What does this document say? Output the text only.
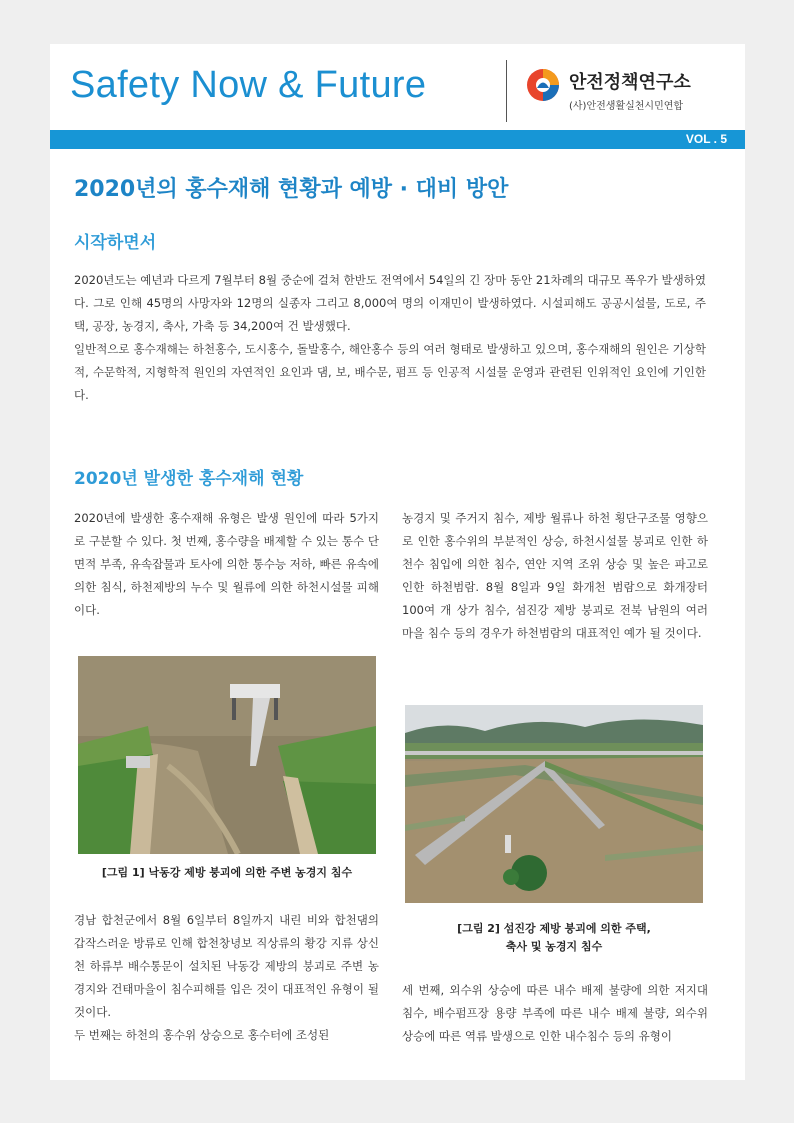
Safety Now & Future	안전정책연구소
(사)안전생활실천시민연합
VOL . 5
2020년의 홍수재해 현황과 예방 · 대비 방안
시작하면서

2020년도는 예년과 다르게 7월부터 8월 중순에 걸쳐 한반도 전역에서 54일의 긴 장마 동안 21차례의 대규모 폭우가 발생하였다. 그로 인해 45명의 사망자와 12명의 실종자 그리고 8,000여 명의 이재민이 발생하였다. 시설피해도 공공시설물, 도로, 주택, 공장, 농경지, 축사, 가축 등 34,200여 건 발생했다.

일반적으로 홍수재해는 하천홍수, 도시홍수, 돌발홍수, 해안홍수 등의 여러 형태로 발생하고 있으며, 홍수재해의 원인은 기상학적, 수문학적, 지형학적 원인의 자연적인 요인과 댐, 보, 배수문, 펌프 등 인공적 시설물 운영과 관련된 인위적인 요인에 기인한다.

2020년 발생한 홍수재해 현황

2020년에 발생한 홍수재해 유형은 발생 원인에 따라 5가지로 구분할 수 있다. 첫 번째, 홍수량을 배제할 수 있는 통수 단면적 부족, 유속잡물과 토사에 의한 통수능 저하, 빠른 유속에 의한 침식, 하천제방의 누수 및 월류에 의한 하천시설물 피해이다.

[그림 1] 낙동강 제방 붕괴에 의한 주변 농경지 침수

경남 합천군에서 8월 6일부터 8일까지 내린 비와 합천댐의 갑작스러운 방류로 인해 합천창녕보 직상류의 황강 지류 상신천 하류부 배수통문이 설치된 낙동강 제방의 붕괴로 주변 농경지와 건태마을이 침수피해를 입은 것이 대표적인 유형이 될 것이다.

두 번째는 하천의 홍수위 상승으로 홍수터에 조성된

농경지 및 주거지 침수, 제방 월류나 하천 횡단구조물 영향으로 인한 홍수위의 부분적인 상승, 하천시설물 붕괴로 인한 하천수 침입에 의한 침수, 연안 지역 조위 상승 및 높은 파고로 인한 하천범람. 8월 8일과 9일 화개천 범람으로 화개장터 100여 개 상가 침수, 섬진강 제방 붕괴로 전북 남원의 여러 마을 침수 등의 경우가 하천범람의 대표적인 예가 될 것이다.

[그림 2] 섬진강 제방 붕괴에 의한 주택,
축사 및 농경지 침수

세 번째, 외수위 상승에 따른 내수 배제 불량에 의한 저지대 침수, 배수펌프장 용량 부족에 따른 내수 배제 불량, 외수위 상승에 따른 역류 발생으로 인한 내수침수 등의 유형이
